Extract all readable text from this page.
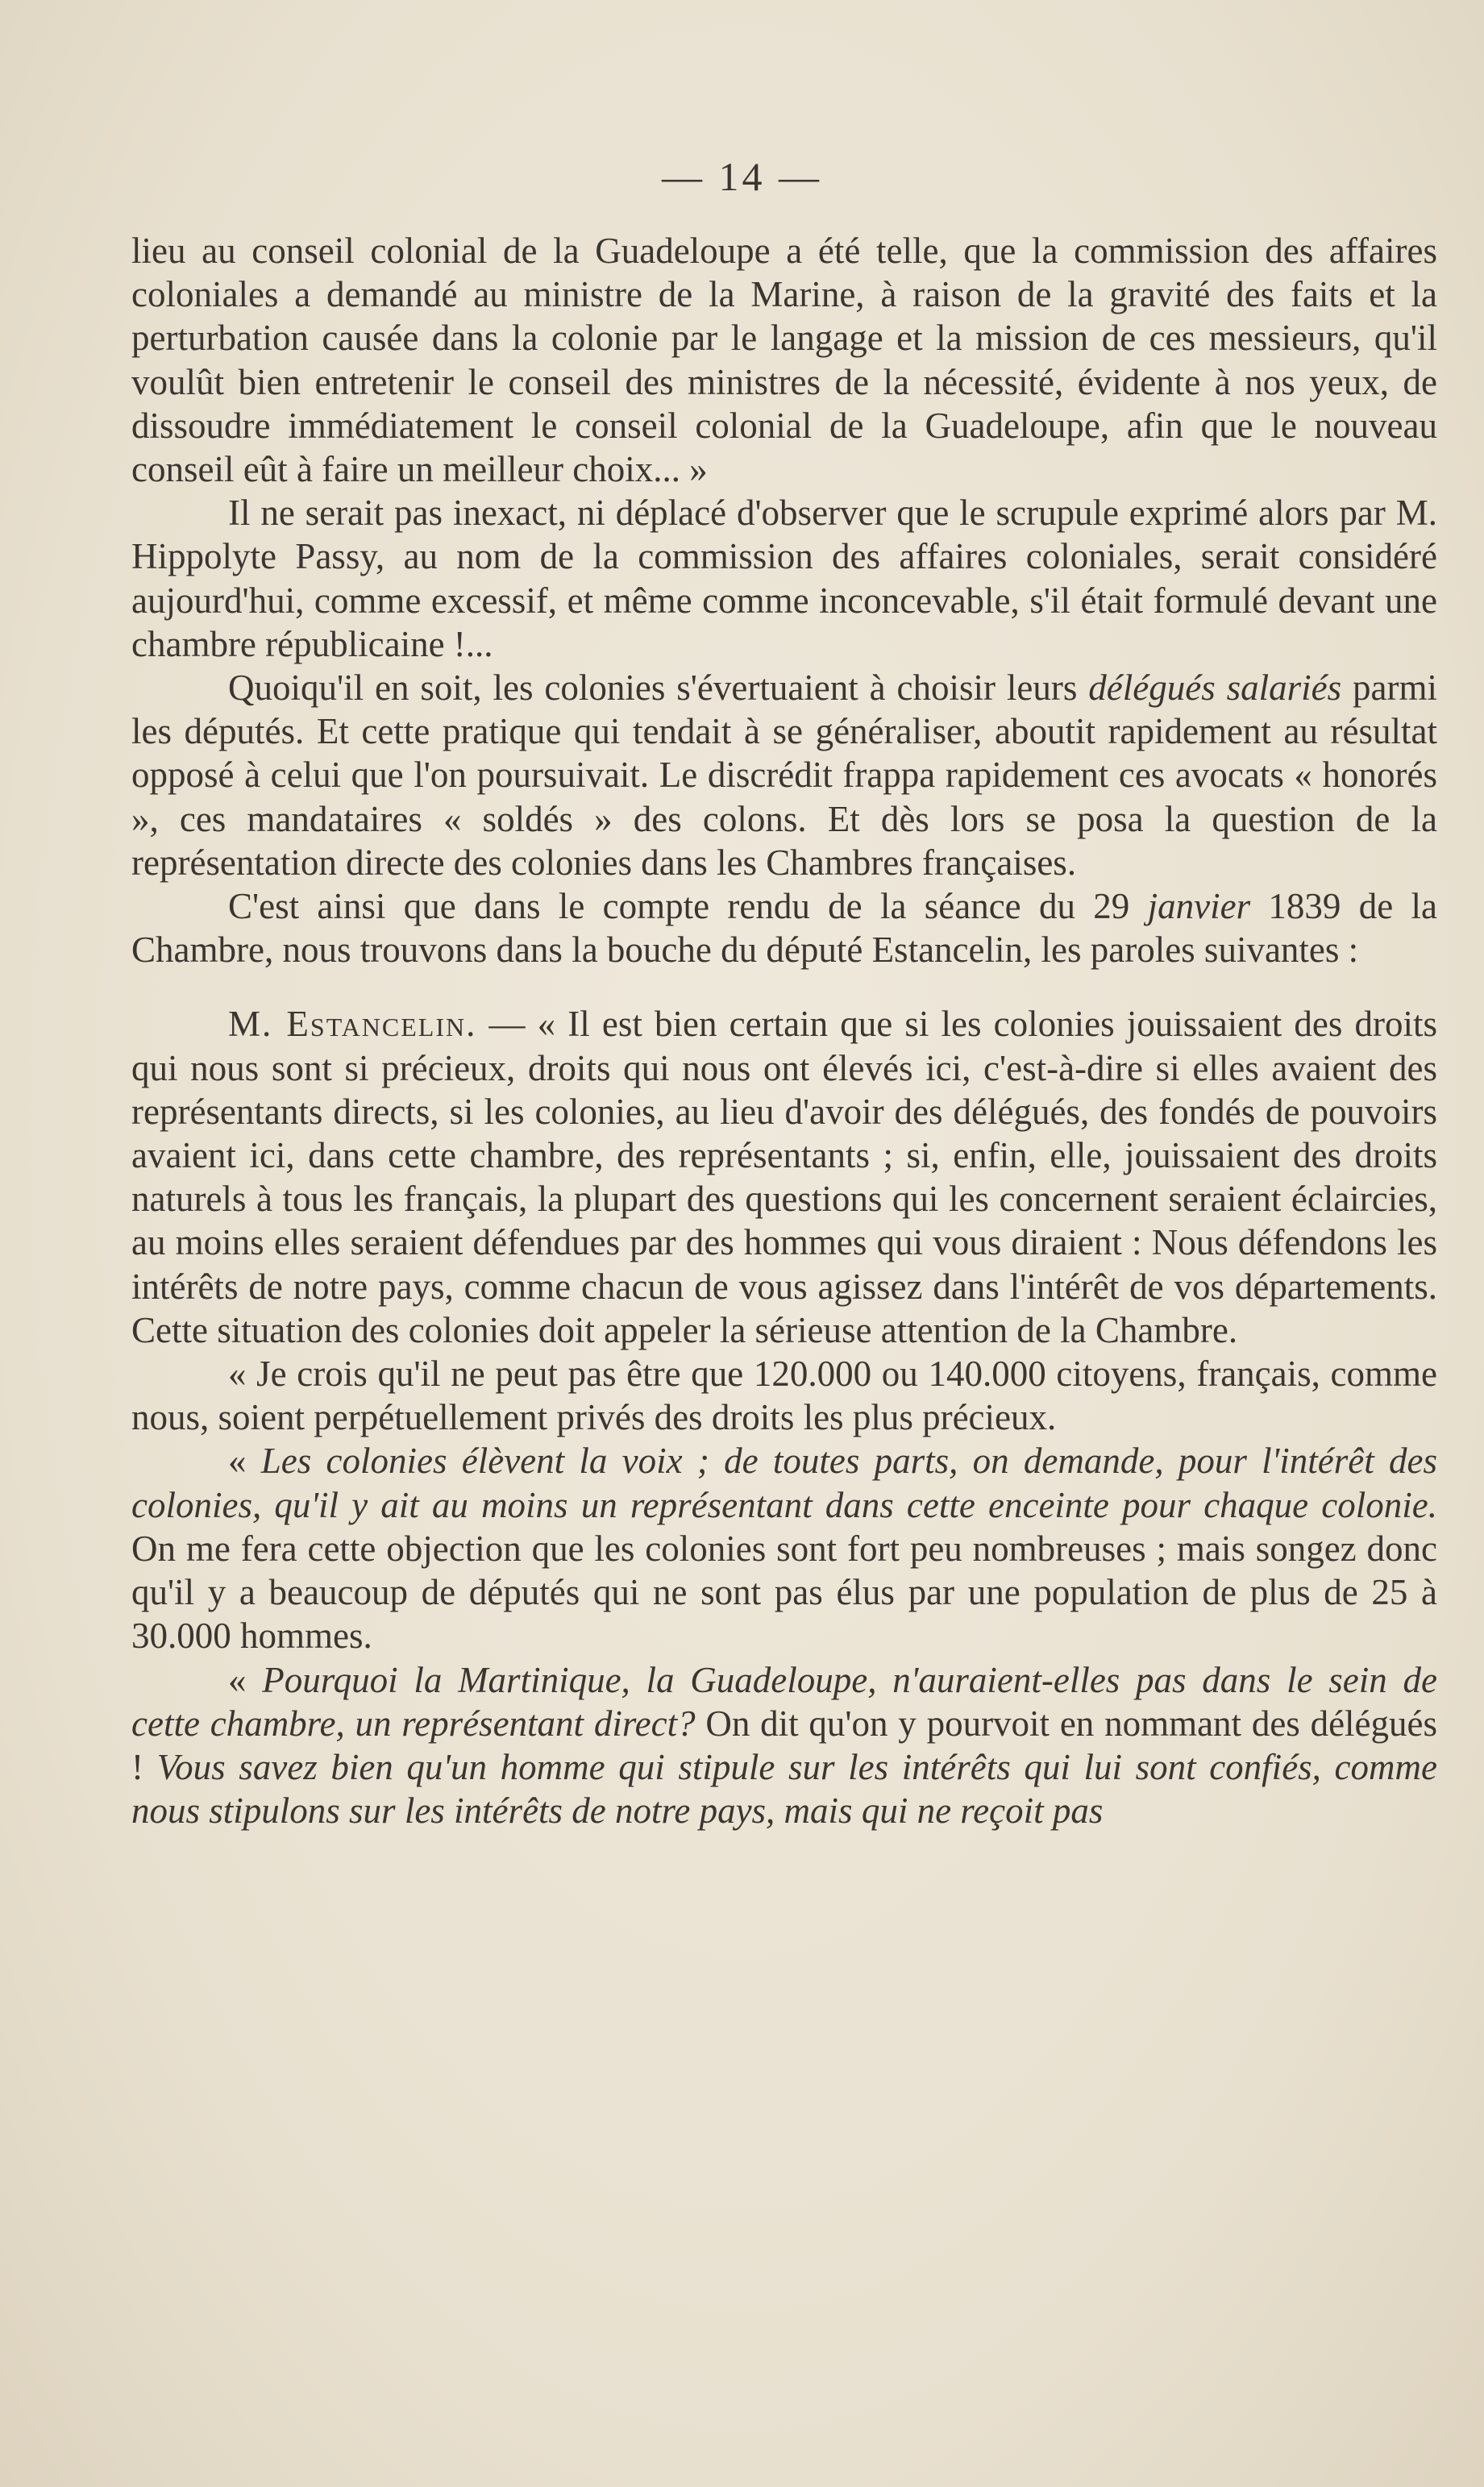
— 14 —

lieu au conseil colonial de la Guadeloupe a été telle, que la commission des affaires coloniales a demandé au ministre de la Marine, à raison de la gravité des faits et la perturbation causée dans la colonie par le langage et la mission de ces messieurs, qu'il voulût bien entretenir le conseil des ministres de la nécessité, évidente à nos yeux, de dissoudre immédiatement le conseil colonial de la Guadeloupe, afin que le nouveau conseil eût à faire un meilleur choix... »

Il ne serait pas inexact, ni déplacé d'observer que le scrupule exprimé alors par M. Hippolyte Passy, au nom de la commission des affaires coloniales, serait considéré aujourd'hui, comme excessif, et même comme inconcevable, s'il était formulé devant une chambre républicaine !...

Quoiqu'il en soit, les colonies s'évertuaient à choisir leurs délégués salariés parmi les députés. Et cette pratique qui tendait à se généraliser, aboutit rapidement au résultat opposé à celui que l'on poursuivait. Le discrédit frappa rapidement ces avocats « honorés », ces mandataires « soldés » des colons. Et dès lors se posa la question de la représentation directe des colonies dans les Chambres françaises.

C'est ainsi que dans le compte rendu de la séance du 29 janvier 1839 de la Chambre, nous trouvons dans la bouche du député Estancelin, les paroles suivantes :

M. Estancelin. — « Il est bien certain que si les colonies jouissaient des droits qui nous sont si précieux, droits qui nous ont élevés ici, c'est-à-dire si elles avaient des représentants directs, si les colonies, au lieu d'avoir des délégués, des fondés de pouvoirs avaient ici, dans cette chambre, des représentants ; si, enfin, elle, jouissaient des droits naturels à tous les français, la plupart des questions qui les concernent seraient éclaircies, au moins elles seraient défendues par des hommes qui vous diraient : Nous défendons les intérêts de notre pays, comme chacun de vous agissez dans l'intérêt de vos départements. Cette situation des colonies doit appeler la sérieuse attention de la Chambre.

« Je crois qu'il ne peut pas être que 120.000 ou 140.000 citoyens, français, comme nous, soient perpétuellement privés des droits les plus précieux.

« Les colonies élèvent la voix ; de toutes parts, on demande, pour l'intérêt des colonies, qu'il y ait au moins un représentant dans cette enceinte pour chaque colonie. On me fera cette objection que les colonies sont fort peu nombreuses ; mais songez donc qu'il y a beaucoup de députés qui ne sont pas élus par une population de plus de 25 à 30.000 hommes.

« Pourquoi la Martinique, la Guadeloupe, n'auraient-elles pas dans le sein de cette chambre, un représentant direct? On dit qu'on y pourvoit en nommant des délégués ! Vous savez bien qu'un homme qui stipule sur les intérêts qui lui sont confiés, comme nous stipulons sur les intérêts de notre pays, mais qui ne reçoit pas
